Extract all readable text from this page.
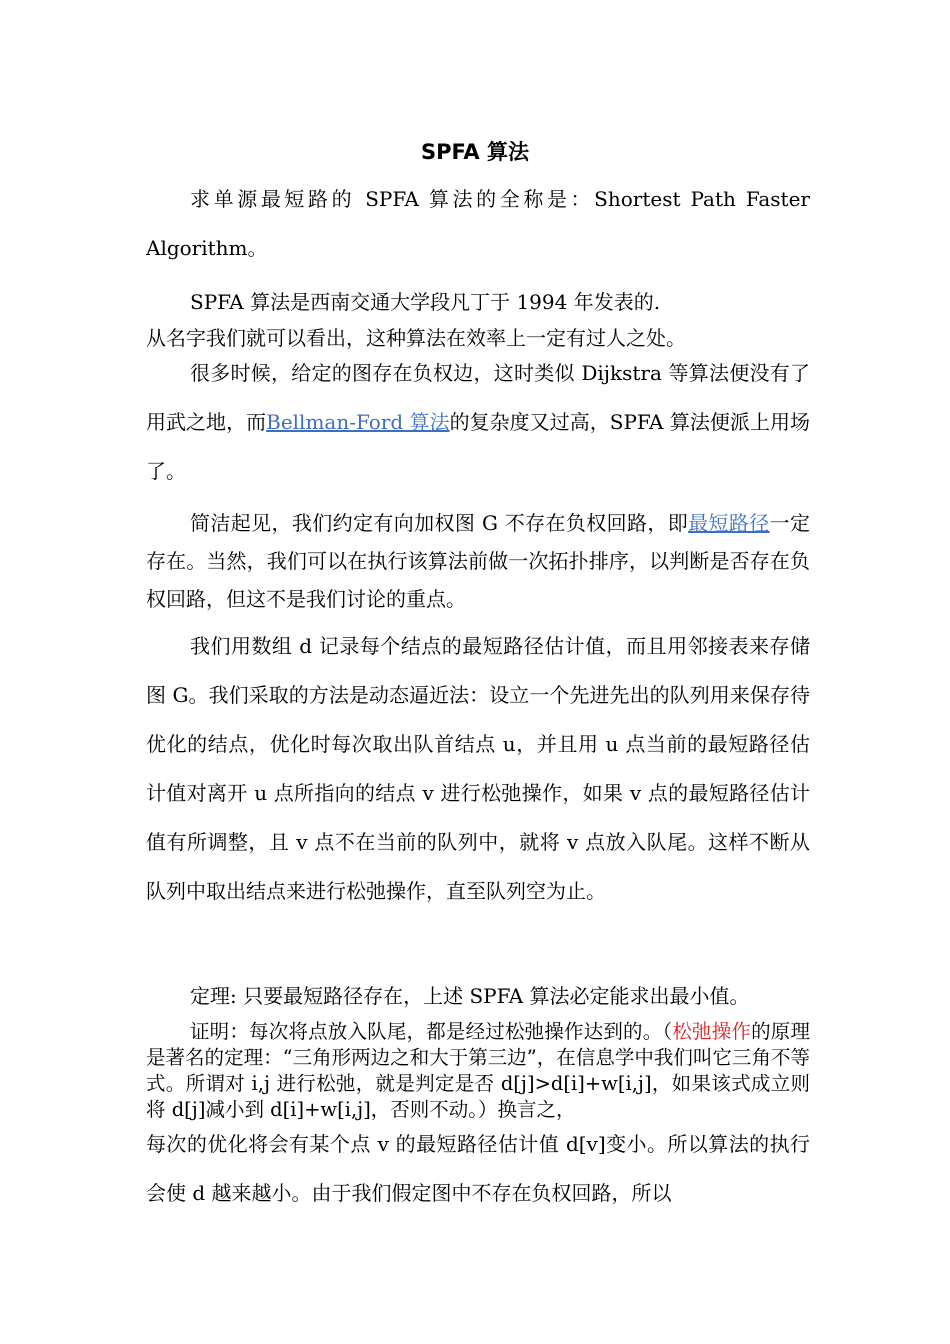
SPFA 算法

求单源最短路的 SPFA 算法的全称是：Shortest Path Faster Algorithm。

SPFA 算法是西南交通大学段凡丁于 1994 年发表的.
从名字我们就可以看出，这种算法在效率上一定有过人之处。

很多时候，给定的图存在负权边，这时类似 Dijkstra 等算法便没有了用武之地，而Bellman-Ford 算法的复杂度又过高，SPFA 算法便派上用场了。

简洁起见，我们约定有向加权图 G 不存在负权回路，即最短路径一定存在。当然，我们可以在执行该算法前做一次拓扑排序，以判断是否存在负权回路，但这不是我们讨论的重点。

我们用数组 d 记录每个结点的最短路径估计值，而且用邻接表来存储图 G。我们采取的方法是动态逼近法：设立一个先进先出的队列用来保存待优化的结点，优化时每次取出队首结点 u，并且用 u 点当前的最短路径估计值对离开 u 点所指向的结点 v 进行松弛操作，如果 v 点的最短路径估计值有所调整，且 v 点不在当前的队列中，就将 v 点放入队尾。这样不断从队列中取出结点来进行松弛操作，直至队列空为止。

定理: 只要最短路径存在，上述 SPFA 算法必定能求出最小值。

证明：每次将点放入队尾，都是经过松弛操作达到的。（松弛操作的原理是著名的定理：“三角形两边之和大于第三边”，在信息学中我们叫它三角不等式。所谓对 i,j 进行松弛，就是判定是否 d[j]>d[i]+w[i,j]，如果该式成立则将 d[j]减小到 d[i]+w[i,j]，否则不动。）换言之，

每次的优化将会有某个点 v 的最短路径估计值 d[v]变小。所以算法的执行会使 d 越来越小。由于我们假定图中不存在负权回路，所以
